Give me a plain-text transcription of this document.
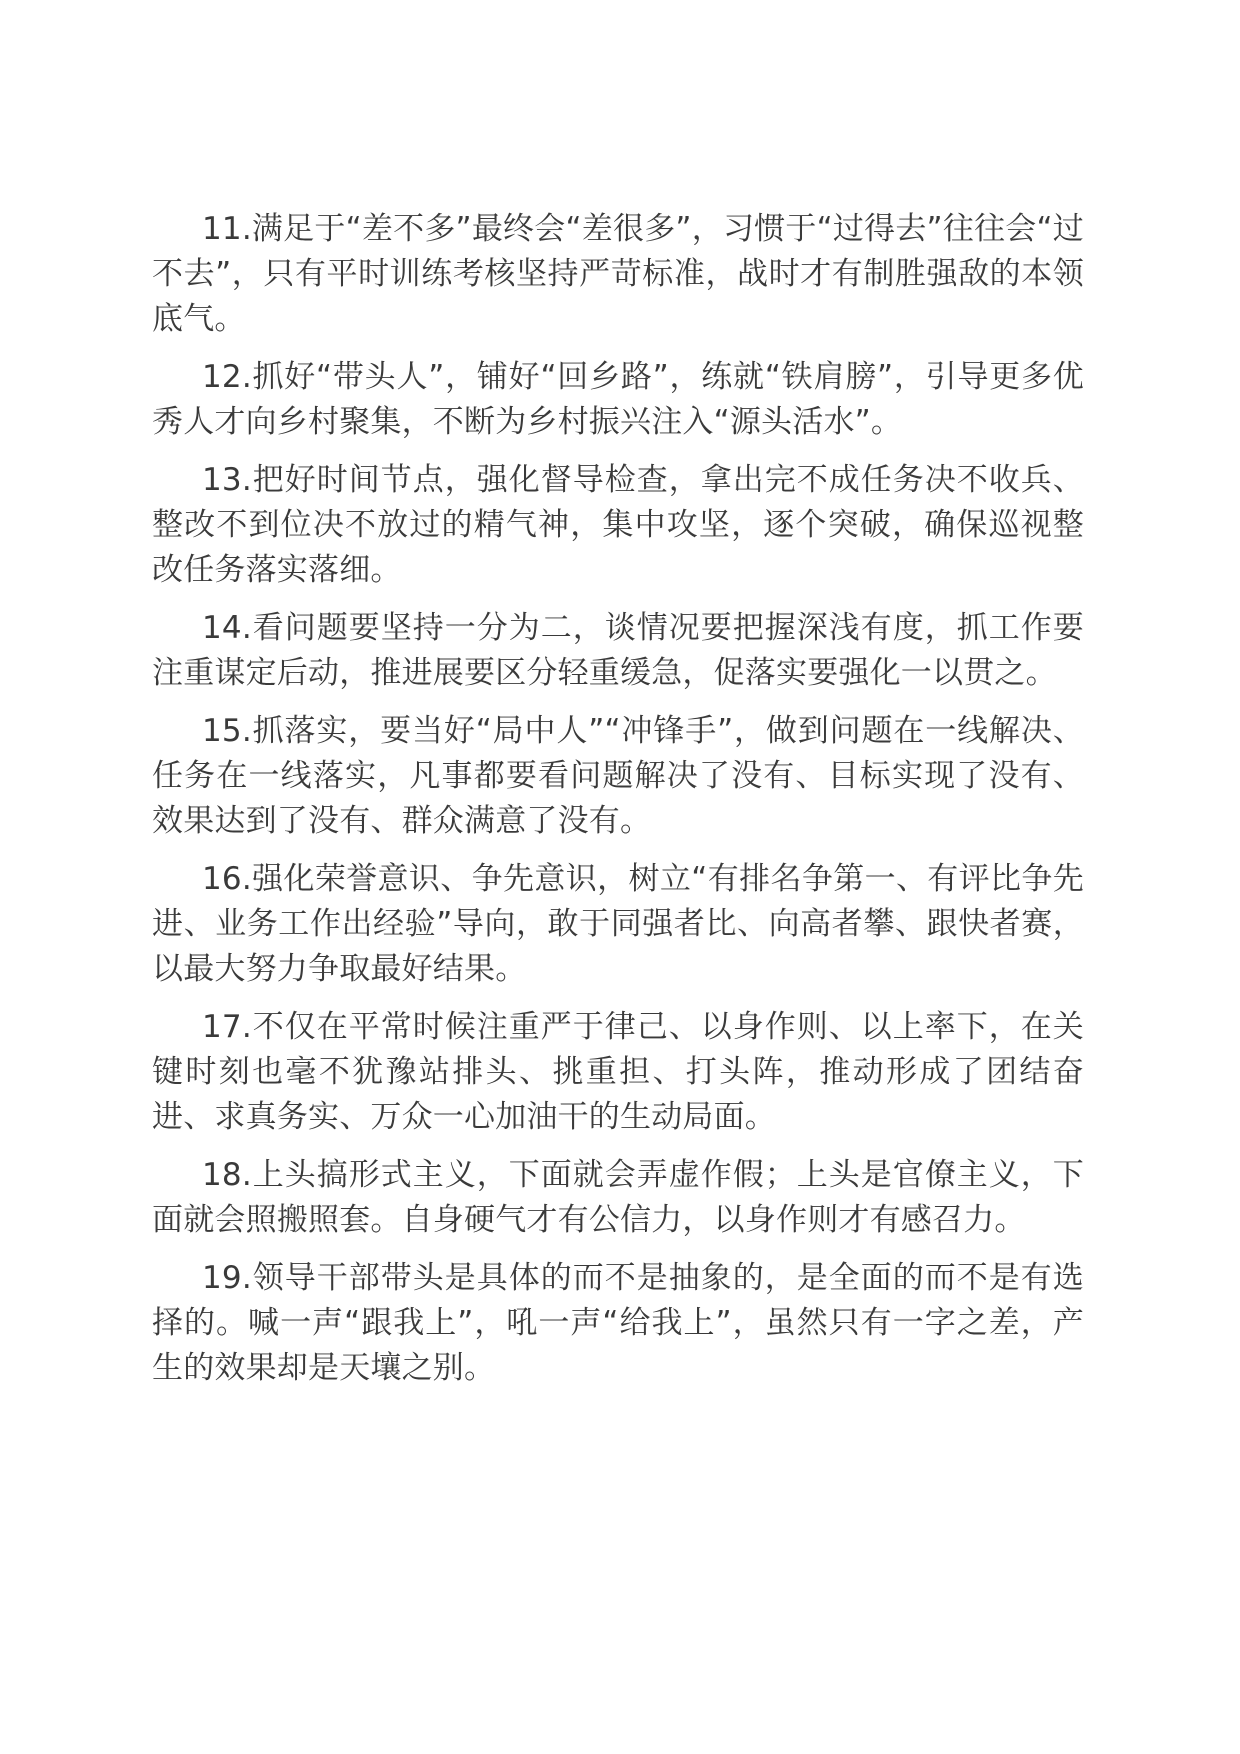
11.满足于“差不多”最终会“差很多”，习惯于“过得去”往往会“过不去”，只有平时训练考核坚持严苛标准，战时才有制胜强敌的本领底气。

12.抓好“带头人”，铺好“回乡路”，练就“铁肩膀”，引导更多优秀人才向乡村聚集，不断为乡村振兴注入“源头活水”。

13.把好时间节点，强化督导检查，拿出完不成任务决不收兵、整改不到位决不放过的精气神，集中攻坚，逐个突破，确保巡视整改任务落实落细。

14.看问题要坚持一分为二，谈情况要把握深浅有度，抓工作要注重谋定后动，推进展要区分轻重缓急，促落实要强化一以贯之。

15.抓落实，要当好“局中人”“冲锋手”，做到问题在一线解决、任务在一线落实，凡事都要看问题解决了没有、目标实现了没有、效果达到了没有、群众满意了没有。

16.强化荣誉意识、争先意识，树立“有排名争第一、有评比争先进、业务工作出经验”导向，敢于同强者比、向高者攀、跟快者赛，以最大努力争取最好结果。

17.不仅在平常时候注重严于律己、以身作则、以上率下，在关键时刻也毫不犹豫站排头、挑重担、打头阵，推动形成了团结奋进、求真务实、万众一心加油干的生动局面。

18.上头搞形式主义，下面就会弄虚作假；上头是官僚主义，下面就会照搬照套。自身硬气才有公信力，以身作则才有感召力。

19.领导干部带头是具体的而不是抽象的，是全面的而不是有选择的。喊一声“跟我上”，吼一声“给我上”，虽然只有一字之差，产生的效果却是天壤之别。
